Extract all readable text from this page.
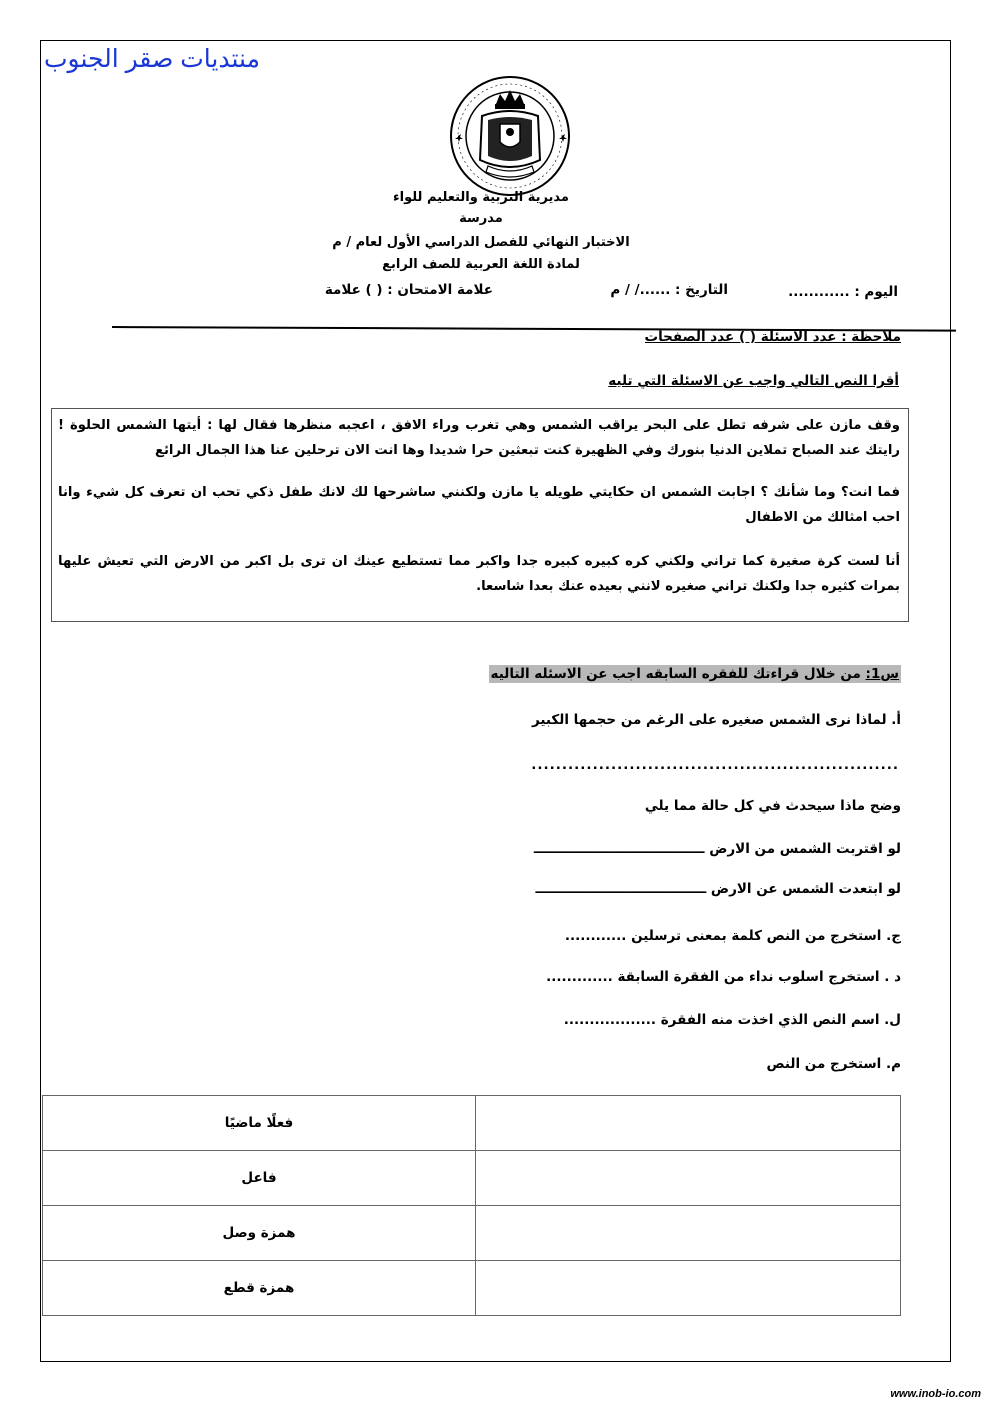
منتديات صقر الجنوب
مديرية التربية والتعليم للواء
مدرسة
الاختبار النهائي للفصل الدراسي الأول لعام / م
لمادة اللغة العربية للصف الرابع
اليوم : ............
التاريخ : ....../ / م
علامة الامتحان : ( ) علامة
ملاحظة : عدد الاسئلة ( ) عدد الصفحات
أقرا النص التالي واجب عن الاسئلة التي تليه
وقف مازن على شرفه تطل على البحر يراقب الشمس وهي تغرب وراء الافق ، اعجبه منظرها فقال لها : أيتها الشمس الحلوة ! رايتك عند الصباح تملاين الدنيا بنورك وفي الظهيرة كنت تبعثين حرا شديدا وها انت الان ترحلين عنا هذا الجمال الرائع
فما انت؟ وما شأنك ؟ اجابت الشمس ان حكايتي طويله يا مازن ولكنني ساشرحها لك لانك طفل ذكي تحب ان تعرف كل شيء وانا احب امثالك من الاطفال
أنا لست كرة صغيرة كما تراني ولكني كره كبيره كبيره جدا واكبر مما تستطيع عينك ان ترى بل اكبر من الارض التي تعيش عليها بمرات كثيره جدا ولكنك تراني صغيره لانني بعيده عنك بعدا شاسعا.
س1: من خلال قراءتك للفقره السابقه اجب عن الاسئله التاليه
أ. لماذا نرى الشمس صغيره على الرغم من حجمها الكبير
............................................................
وضح ماذا سيحدث في كل حالة مما يلي
لو اقتربت الشمس من الارض ـــــــــــــــــــــــــــــــــــــ
لو ابتعدت الشمس عن الارض ـــــــــــــــــــــــــــــــــــــ
ج. استخرج من النص كلمة بمعنى ترسلين ............
د . استخرج اسلوب نداء من الفقرة السابقة .............
ل. اسم النص الذي اخذت منه الفقرة ..................
م. استخرج من النص
فعلًا ماضيًا	
فاعل	
همزة وصل	
همزة قطع	
www.inob-io.com
